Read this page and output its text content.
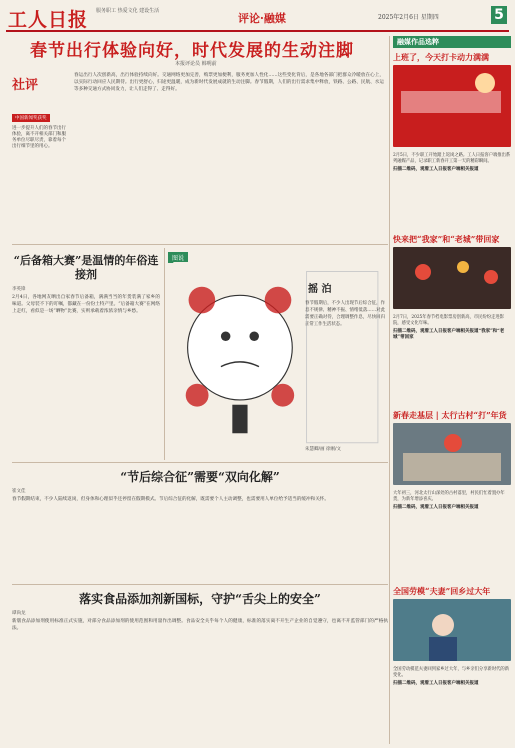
工人日报 服务职工 热爱文化 建设生活
评论·融媒	2025年2月6日 星期四	5
春节出行体验向好，时代发展的生动注脚
本报评论员 韩明前
社评
中国新闻奖获奖
进一步提升人们的春节出行体验，离不开相关部门和服务单位尽职尽责，靠着每个出行细节里的用心。
春运出行人次创新高，出行体验持续向好。交通网络更加完善，购票更加便利，服务更加人性化……这些变化背后，是各地各部门把群众冷暖放在心上，以实际行动回应人民期待。出行更舒心，归途更温暖，成为新时代发展成就的生动注脚。春节假期，人们的出行需求集中释放，铁路、公路、民航、水运等多种交通方式协同发力，让人们走得了、走得好。
“后备箱大赛”是温情的年俗连接剂
李英锋
2月4日，各地网友晒出自家春节后备箱，满满当当的年货装满了家乡的味道。父母装不下的叮嘱，都藏在一份份土特产里。“后备箱大赛”在网络上走红，看似是一场“晒物”比赛，实则承载着浓浓亲情与乡愁。
图说
摇 泊
春节假期后，不少人出现节后综合征，作息不规律、精神不振、情绪低落……对此需要正确对待，合理调整作息，尽快回归正常工作生活状态。
朱慧卿/画 徐刚/文
“节后综合征”需要“双向化解”
崔文佳
春节假期结束，不少人陆续返岗，但身体和心理似乎还停留在假期模式。节后综合征的化解，既需要个人主动调整，也需要用人单位给予适当的缓冲和关怀。
落实食品添加剂新国标，守护“舌尖上的安全”
谭尚龙
新版食品添加剂使用标准正式实施，对部分食品添加剂的使用范围和用量作出调整。食品安全关乎每个人的健康，标准的落实离不开生产企业的自觉遵守，也离不开监管部门的严格执法。
融媒作品选粹
上班了，今天打卡动力满满
2月5日，不少职工开始踏上返岗之路。工人日报客户端推出系列融媒产品，记录职工新春开工第一天的精彩瞬间。
扫描二维码，观看工人日报客户端相关报道
快来把“我家”和“老城”带回家
2月7日，2025年春节档电影票房创新高，市民纷纷走进影院，感受文化年味。
扫描二维码，观看工人日报客户端相关报道“我家”和“老城”带回家
新春走基层 | 太行古村“打”年货
大年初三，河北太行山深处的古村落里，村民们忙着置办年货，为新年增添喜庆。
扫描二维码，观看工人日报客户端相关报道
全国劳模“夫妻”回乡过大年
全国劳动模范夫妻回到家乡过大年，与乡亲们分享新时代的新变化。
扫描二维码，观看工人日报客户端相关报道
